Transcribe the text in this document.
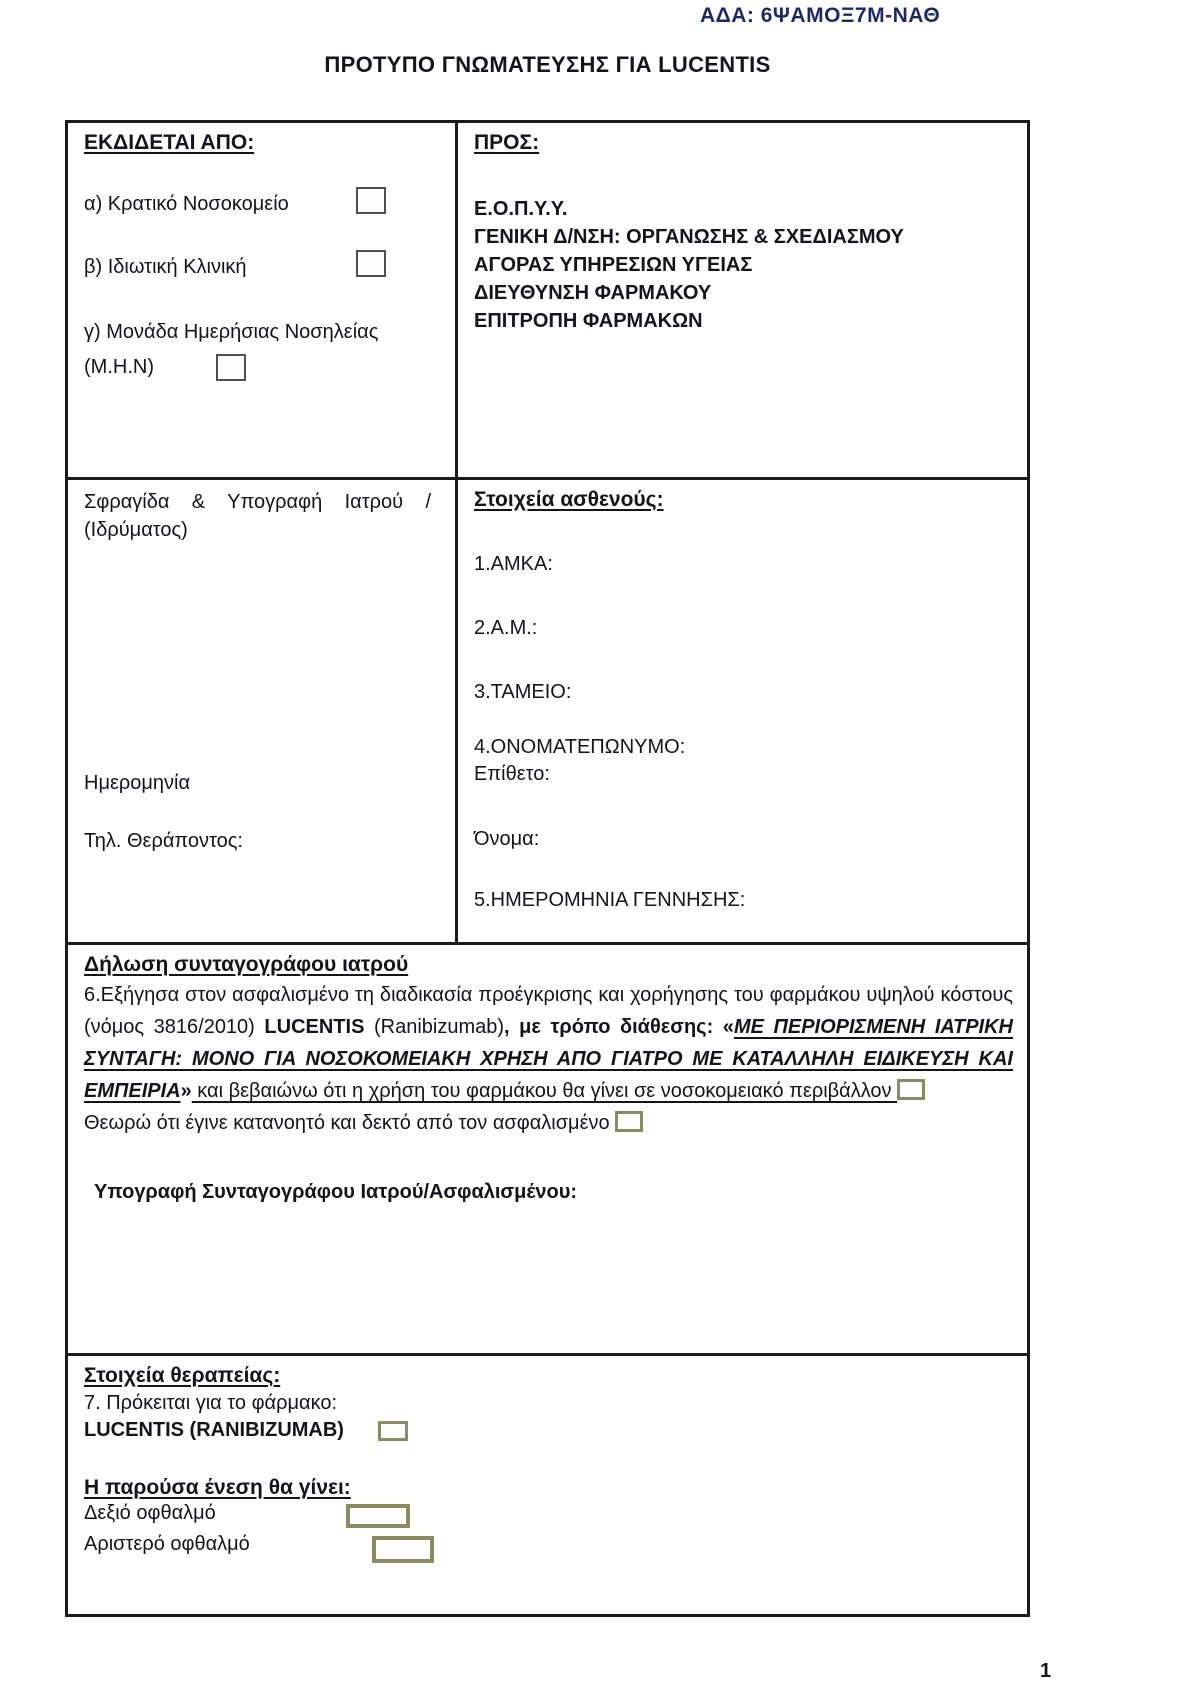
ΑΔΑ: 6ΨΑΜΟΞ7Μ-ΝΑΘ
ΠΡΟΤΥΠΟ ΓΝΩΜΑΤΕΥΣΗΣ ΓΙΑ LUCENTIS
ΕΚΔΙΔΕΤΑΙ ΑΠΟ:
α) Κρατικό Νοσοκομείο
β) Ιδιωτική Κλινική
γ) Μονάδα Ημερήσιας Νοσηλείας
(Μ.Η.Ν)
ΠΡΟΣ:
Ε.Ο.Π.Υ.Υ.
ΓΕΝΙΚΗ Δ/ΝΣΗ: ΟΡΓΑΝΩΣΗΣ & ΣΧΕΔΙΑΣΜΟΥ
ΑΓΟΡΑΣ ΥΠΗΡΕΣΙΩΝ ΥΓΕΙΑΣ
ΔΙΕΥΘΥΝΣΗ ΦΑΡΜΑΚΟΥ
ΕΠΙΤΡΟΠΗ ΦΑΡΜΑΚΩΝ
Σφραγίδα & Υπογραφή Ιατρού / (Ιδρύματος)
Ημερομηνία
Τηλ. Θεράποντος:
Στοιχεία ασθενούς:
1.ΑΜΚΑ:
2.Α.Μ.:
3.ΤΑΜΕΙΟ:
4.ΟΝΟΜΑΤΕΠΩΝΥΜΟ:
Επίθετο:
Όνομα:
5.ΗΜΕΡΟΜΗΝΙΑ ΓΕΝΝΗΣΗΣ:
Δήλωση συνταγογράφου ιατρού
6.Εξήγησα στον ασφαλισμένο τη διαδικασία προέγκρισης και χορήγησης του φαρμάκου υψηλού κόστους (νόμος 3816/2010) LUCENTIS (Ranibizumab), με τρόπο διάθεσης: «ΜΕ ΠΕΡΙΟΡΙΣΜΕΝΗ ΙΑΤΡΙΚΗ ΣΥΝΤΑΓΗ: ΜΟΝΟ ΓΙΑ ΝΟΣΟΚΟΜΕΙΑΚΗ ΧΡΗΣΗ ΑΠΟ ΓΙΑΤΡΟ ΜΕ ΚΑΤΑΛΛΗΛΗ ΕΙΔΙΚΕΥΣΗ ΚΑΙ ΕΜΠΕΙΡΙΑ» και βεβαιώνω ότι η χρήση του φαρμάκου θα γίνει σε νοσοκομειακό περιβάλλον
Θεωρώ ότι έγινε κατανοητό και δεκτό από τον ασφαλισμένο
Υπογραφή Συνταγογράφου Ιατρού/Ασφαλισμένου:
Στοιχεία θεραπείας:
7. Πρόκειται για το φάρμακο:
LUCENTIS (RANIBIZUMAB)
Η παρούσα ένεση θα γίνει:
Δεξιό οφθαλμό
Αριστερό οφθαλμό
1
